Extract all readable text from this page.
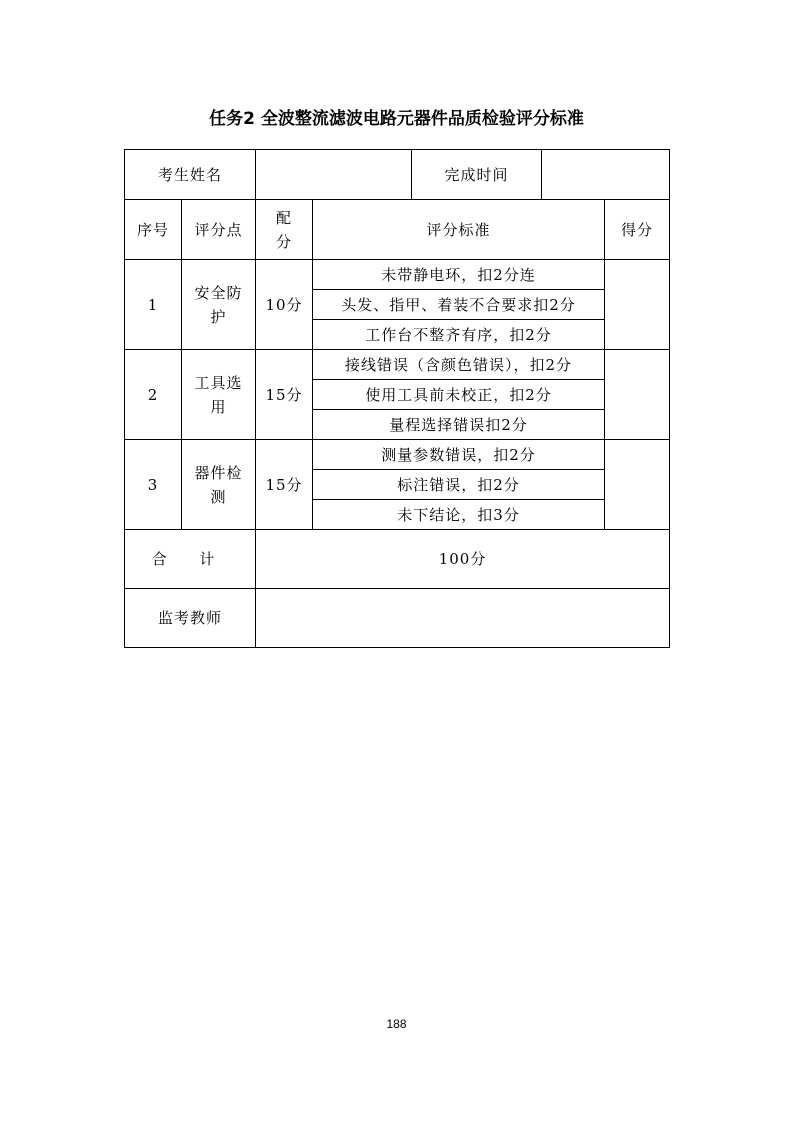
任务2 全波整流滤波电路元器件品质检验评分标准
考生姓名				完成时间		
序号	评分点	配分	评分标准			得分
1	安全防护	10分	未带静电环，扣2分连			
			头发、指甲、着装不合要求扣2分			
			工作台不整齐有序，扣2分			
2	工具选用	15分	接线错误（含颜色错误），扣2分			
			使用工具前未校正，扣2分			
			量程选择错误扣2分			
3	器件检测	15分	测量参数错误，扣2分			
			标注错误，扣2分			
			未下结论，扣3分			
合 计		100分				
监考教师						
188
